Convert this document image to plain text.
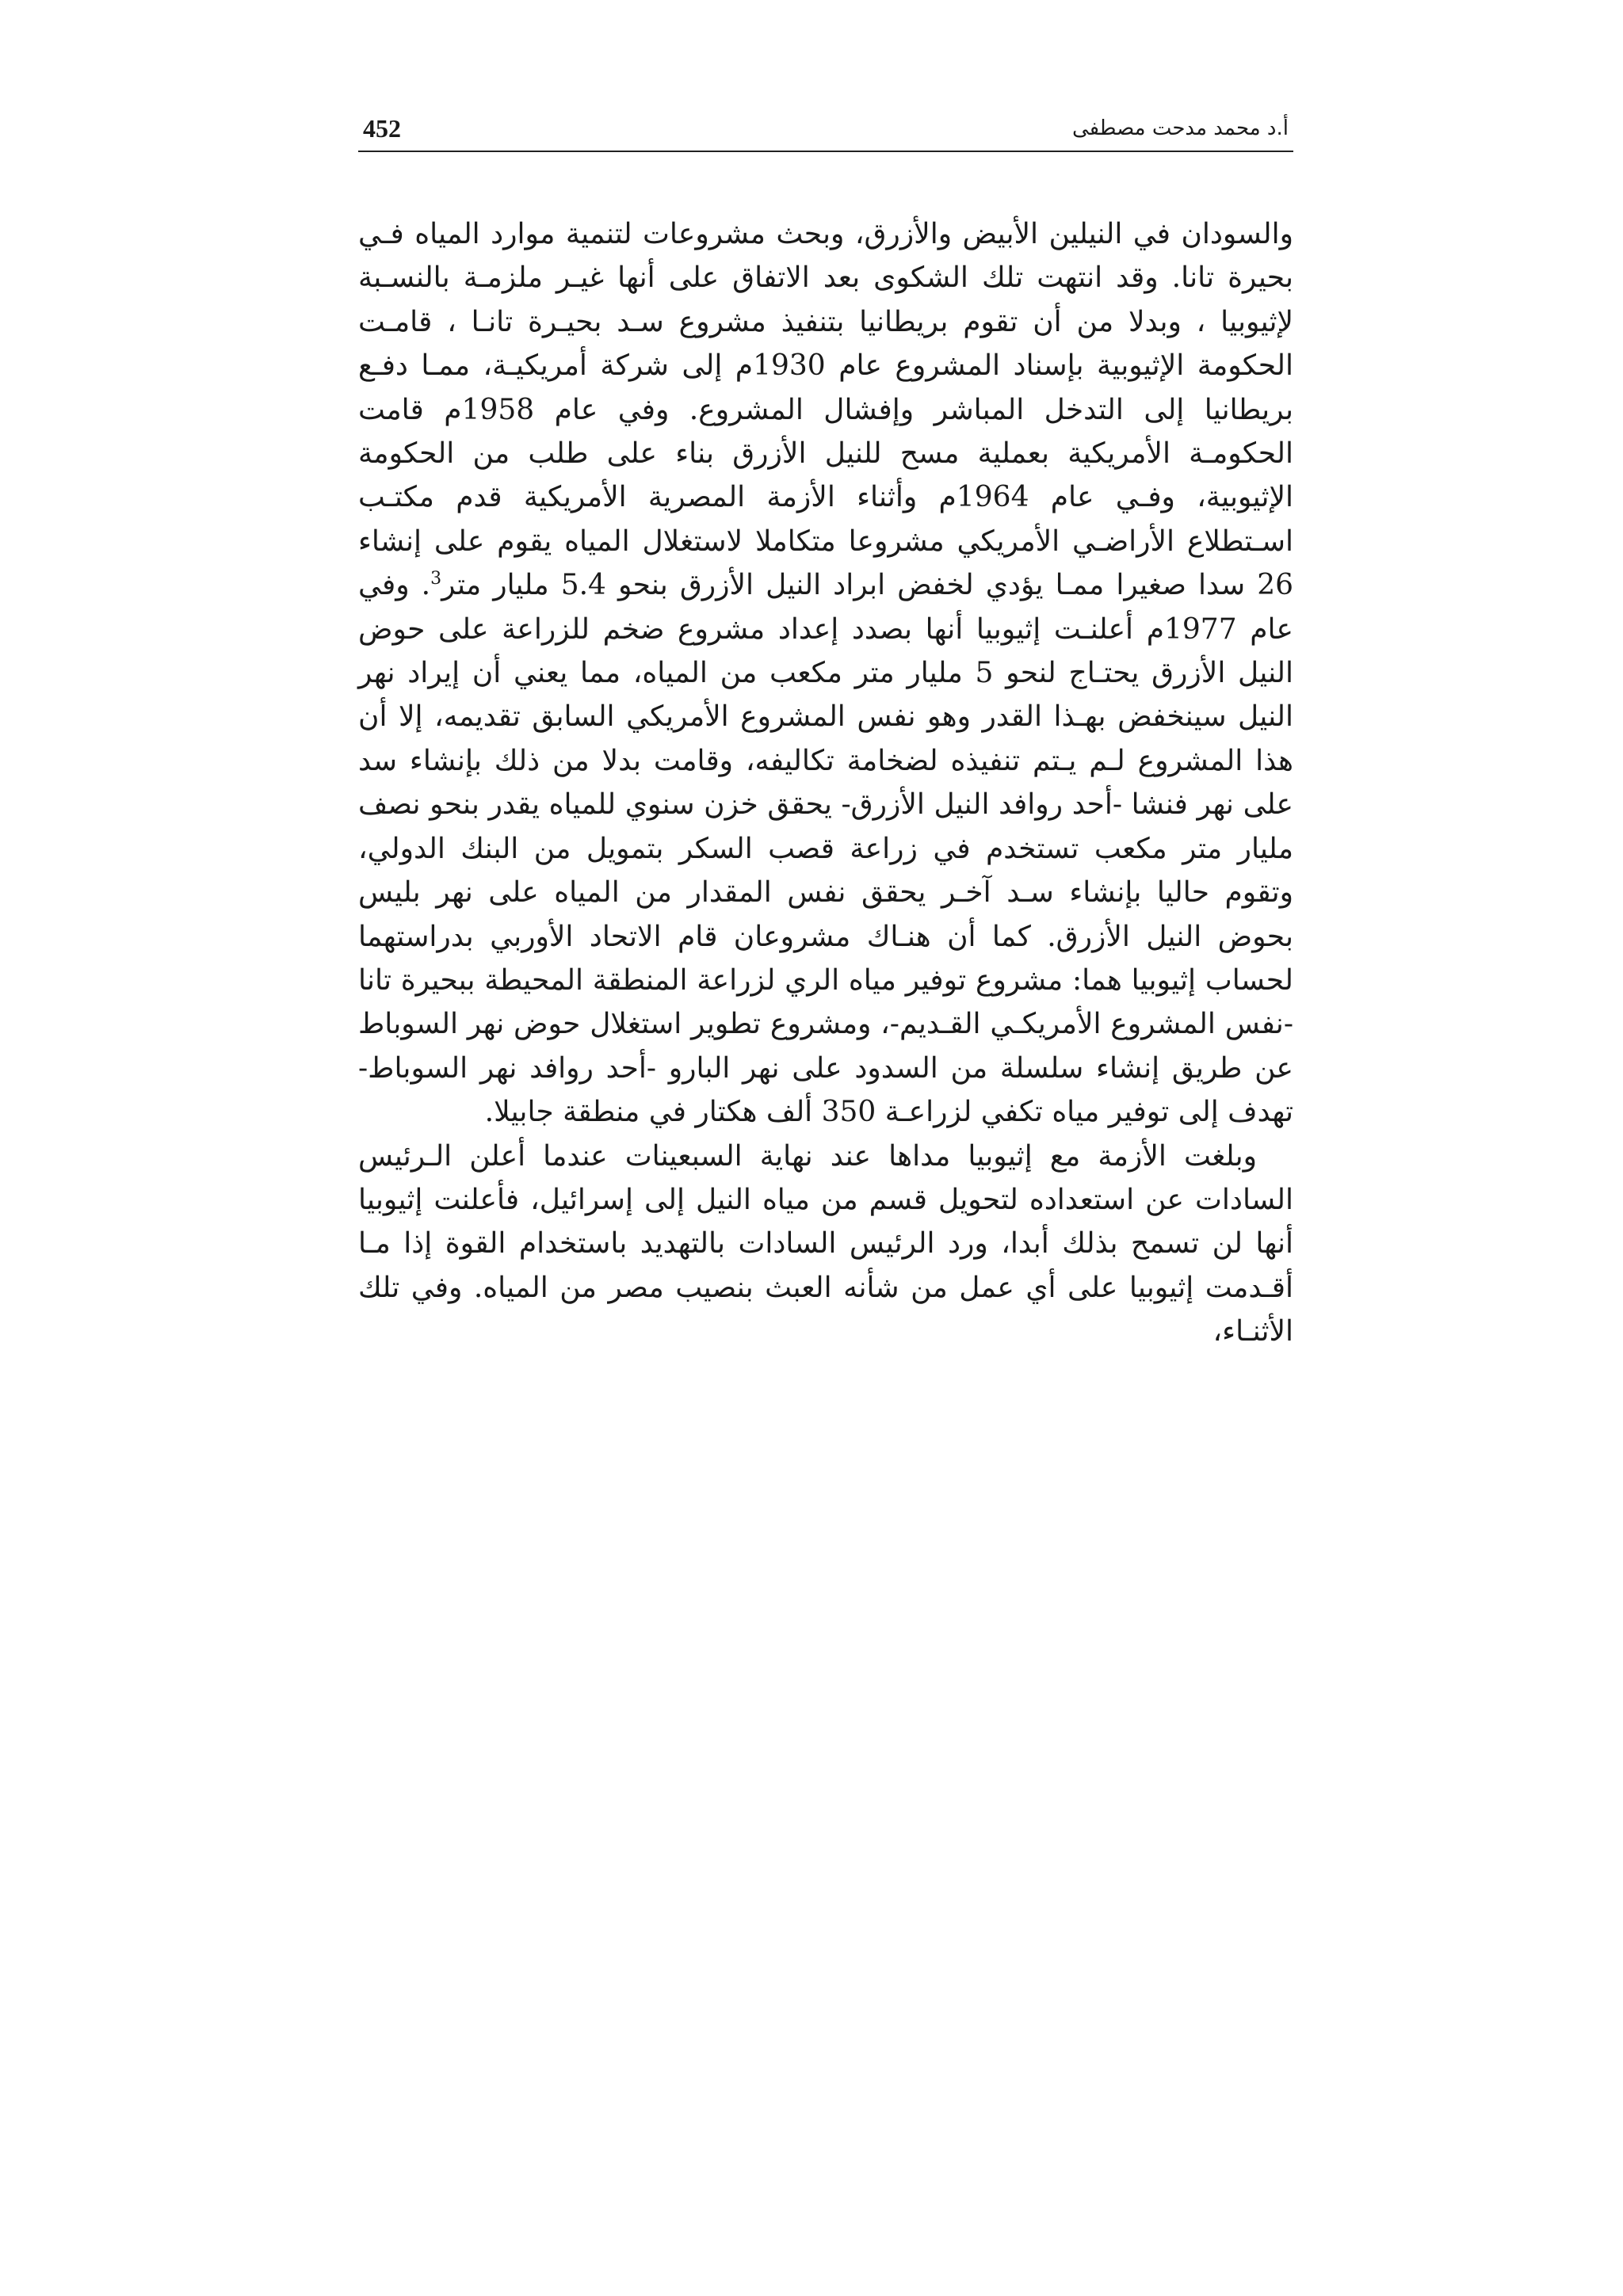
452	أ.د محمد مدحت مصطفى

والسودان في النيلين الأبيض والأزرق، وبحث مشروعات لتنمية موارد المياه فـي بحيرة تانا. وقد انتهت تلك الشكوى بعد الاتفاق على أنها غيـر ملزمـة بالنسـبة لإثيوبيا ، وبدلا من أن تقوم بريطانيا بتنفيذ مشروع سـد بحيـرة تانـا ، قامـت الحكومة الإثيوبية بإسناد المشروع عام 1930م إلى شركة أمريكيـة، ممـا دفـع بريطانيا إلى التدخل المباشر وإفشال المشروع. وفي عام 1958م قامت الحكومـة الأمريكية بعملية مسح للنيل الأزرق بناء على طلب من الحكومة الإثيوبية، وفـي عام 1964م وأثناء الأزمة المصرية الأمريكية قدم مكتـب اسـتطلاع الأراضـي الأمريكي مشروعا متكاملا لاستغلال المياه يقوم على إنشاء 26 سدا صغيرا ممـا يؤدي لخفض ابراد النيل الأزرق بنحو 5.4 مليار متر$^3$. وفي عام 1977م أعلنـت إثيوبيا أنها بصدد إعداد مشروع ضخم للزراعة على حوض النيل الأزرق يحتـاج لنحو 5 مليار متر مكعب من المياه، مما يعني أن إيراد نهر النيل سينخفض بهـذا القدر وهو نفس المشروع الأمريكي السابق تقديمه، إلا أن هذا المشروع لـم يـتم تنفيذه لضخامة تكاليفه، وقامت بدلا من ذلك بإنشاء سد على نهر فنشا -أحد روافد النيل الأزرق- يحقق خزن سنوي للمياه يقدر بنحو نصف مليار متر مكعب تستخدم في زراعة قصب السكر بتمويل من البنك الدولي، وتقوم حاليا بإنشاء سـد آخـر يحقق نفس المقدار من المياه على نهر بليس بحوض النيل الأزرق. كما أن هنـاك مشروعان قام الاتحاد الأوربي بدراستهما لحساب إثيوبيا هما: مشروع توفير مياه الري لزراعة المنطقة المحيطة ببحيرة تانا -نفس المشروع الأمريكـي القـديم-، ومشروع تطوير استغلال حوض نهر السوباط عن طريق إنشاء سلسلة من السدود على نهر البارو -أحد روافد نهر السوباط- تهدف إلى توفير مياه تكفي لزراعـة 350 ألف هكتار في منطقة جابيلا.

وبلغت الأزمة مع إثيوبيا مداها عند نهاية السبعينات عندما أعلن الـرئيس السادات عن استعداده لتحويل قسم من مياه النيل إلى إسرائيل، فأعلنت إثيوبيا أنها لن تسمح بذلك أبدا، ورد الرئيس السادات بالتهديد باستخدام القوة إذا مـا أقـدمت إثيوبيا على أي عمل من شأنه العبث بنصيب مصر من المياه. وفي تلك الأثنـاء،
